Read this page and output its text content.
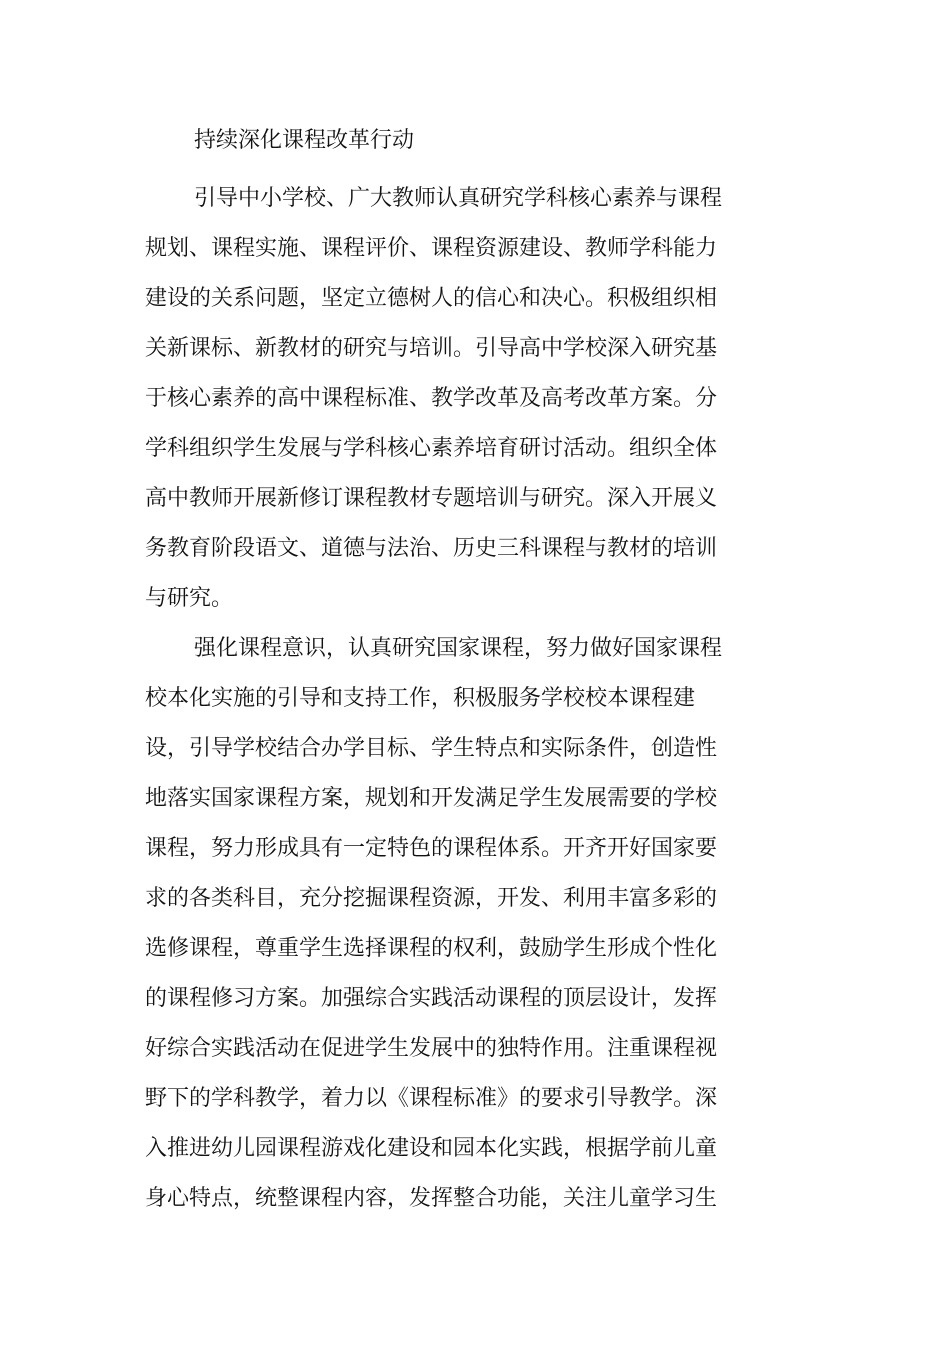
持续深化课程改革行动
引导中小学校、广大教师认真研究学科核心素养与课程
规划、课程实施、课程评价、课程资源建设、教师学科能力
建设的关系问题，坚定立德树人的信心和决心。积极组织相
关新课标、新教材的研究与培训。引导高中学校深入研究基
于核心素养的高中课程标准、教学改革及高考改革方案。分
学科组织学生发展与学科核心素养培育研讨活动。组织全体
高中教师开展新修订课程教材专题培训与研究。深入开展义
务教育阶段语文、道德与法治、历史三科课程与教材的培训
与研究。
强化课程意识，认真研究国家课程，努力做好国家课程
校本化实施的引导和支持工作，积极服务学校校本课程建
设，引导学校结合办学目标、学生特点和实际条件，创造性
地落实国家课程方案，规划和开发满足学生发展需要的学校
课程，努力形成具有一定特色的课程体系。开齐开好国家要
求的各类科目，充分挖掘课程资源，开发、利用丰富多彩的
选修课程，尊重学生选择课程的权利，鼓励学生形成个性化
的课程修习方案。加强综合实践活动课程的顶层设计，发挥
好综合实践活动在促进学生发展中的独特作用。注重课程视
野下的学科教学，着力以《课程标准》的要求引导教学。深
入推进幼儿园课程游戏化建设和园本化实践，根据学前儿童
身心特点，统整课程内容，发挥整合功能，关注儿童学习生
